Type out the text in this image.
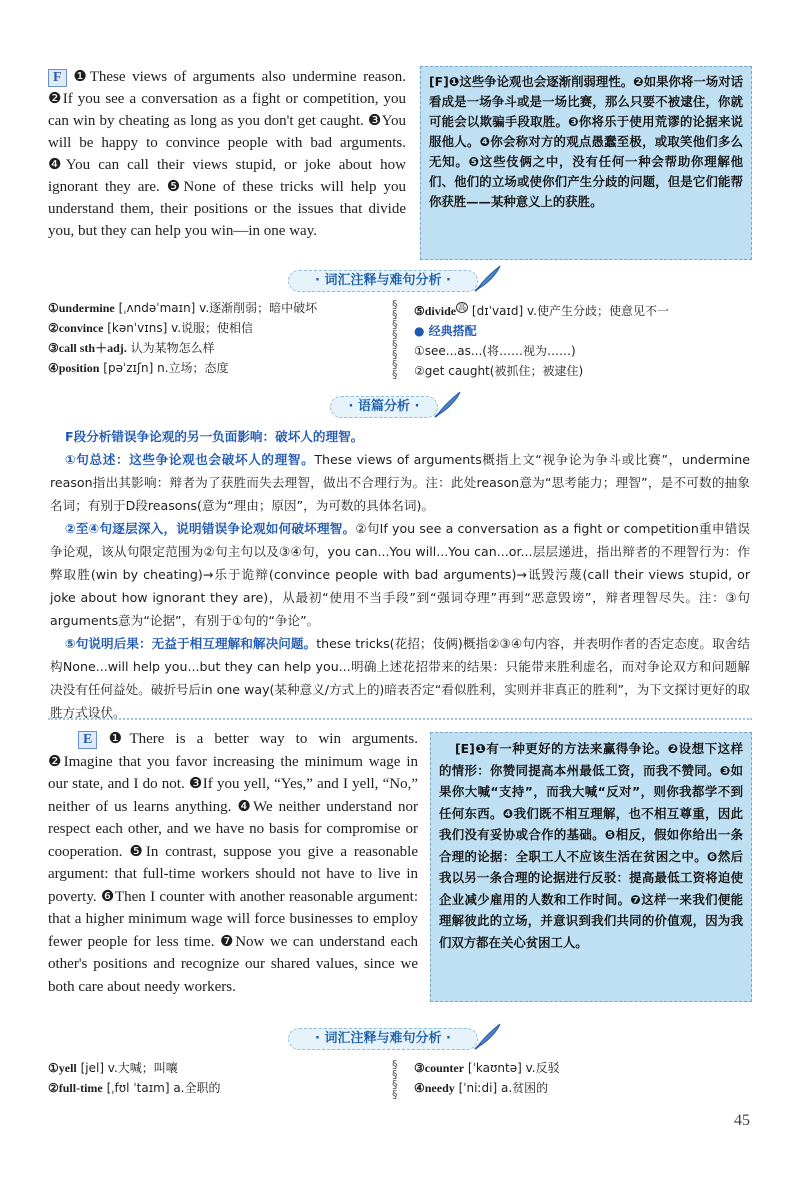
F ❶These views of arguments also undermine reason. ❷If you see a conversation as a fight or competition, you can win by cheating as long as you don't get caught. ❸You will be happy to convince people with bad arguments. ❹You can call their views stupid, or joke about how ignorant they are. ❺None of these tricks will help you understand them, their positions or the issues that divide you, but they can help you win—in one way.
[F]❶这些争论观也会逐渐削弱理性。❷如果你将一场对话看成是一场争斗或是一场比赛，那么只要不被逮住，你就可能会以欺骗手段取胜。❸你将乐于使用荒谬的论据来说服他人。❹你会称对方的观点愚蠢至极，或取笑他们多么无知。❺这些伎俩之中，没有任何一种会帮助你理解他们、他们的立场或使你们产生分歧的问题，但是它们能帮你获胜——某种意义上的获胜。
· 词汇注释与难句分析 ·
①undermine [ˌʌndəˈmaɪn] v.逐渐削弱；暗中破坏
②convince [kənˈvɪns] v.说服；使相信
③call sth＋adj. 认为某物怎么样
④position [pəˈzɪʃn] n.立场；态度
§
§
§
§
§
§
§
§
⑤divide $^高$ [dɪˈvaɪd] v.使产生分歧；使意见不一
● 经典搭配
①see...as...(将……视为……)
②get caught(被抓住；被逮住)
· 语篇分析 ·
F段分析错误争论观的另一负面影响：破坏人的理智。
①句总述：这些争论观也会破坏人的理智。These views of arguments概指上文“视争论为争斗或比赛”，undermine reason指出其影响：辩者为了获胜而失去理智，做出不合理行为。注：此处reason意为“思考能力；理智”，是不可数的抽象名词；有别于D段reasons(意为“理由；原因”，为可数的具体名词)。
②至④句逐层深入，说明错误争论观如何破坏理智。②句If you see a conversation as a fight or competition重申错误争论观，该从句限定范围为②句主句以及③④句，you can...You will...You can...or...层层递进，指出辩者的不理智行为：作弊取胜(win by cheating)→乐于诡辩(convince people with bad arguments)→诋毁污蔑(call their views stupid, or joke about how ignorant they are)，从最初“使用不当手段”到“强词夺理”再到“恶意毁谤”，辩者理智尽失。注：③句arguments意为“论据”，有别于①句的“争论”。
⑤句说明后果：无益于相互理解和解决问题。these tricks(花招；伎俩)概指②③④句内容，并表明作者的否定态度。取舍结构None...will help you...but they can help you...明确上述花招带来的结果：只能带来胜利虚名，而对争论双方和问题解决没有任何益处。破折号后in one way(某种意义/方式上的)暗表否定“看似胜利，实则并非真正的胜利”，为下文探讨更好的取胜方式设伏。
E ❶There is a better way to win arguments. ❷Imagine that you favor increasing the minimum wage in our state, and I do not. ❸If you yell, “Yes,” and I yell, “No,” neither of us learns anything. ❹We neither understand nor respect each other, and we have no basis for compromise or cooperation. ❺In contrast, suppose you give a reasonable argument: that full-time workers should not have to live in poverty. ❻Then I counter with another reasonable argument: that a higher minimum wage will force businesses to employ fewer people for less time. ❼Now we can understand each other's positions and recognize our shared values, since we both care about needy workers.
[E]❶有一种更好的方法来赢得争论。❷设想下这样的情形：你赞同提高本州最低工资，而我不赞同。❸如果你大喊“支持”，而我大喊“反对”，则你我都学不到任何东西。❹我们既不相互理解，也不相互尊重，因此我们没有妥协或合作的基础。❺相反，假如你给出一条合理的论据：全职工人不应该生活在贫困之中。❻然后我以另一条合理的论据进行反驳：提高最低工资将迫使企业减少雇用的人数和工作时间。❼这样一来我们便能理解彼此的立场，并意识到我们共同的价值观，因为我们双方都在关心贫困工人。
· 词汇注释与难句分析 ·
①yell [jel] v.大喊；叫嚷
②full-time [ˌfʊl ˈtaɪm] a.全职的
§
§
§
§
③counter [ˈkaʊntə] v.反驳
④needy [ˈniːdi] a.贫困的
45
